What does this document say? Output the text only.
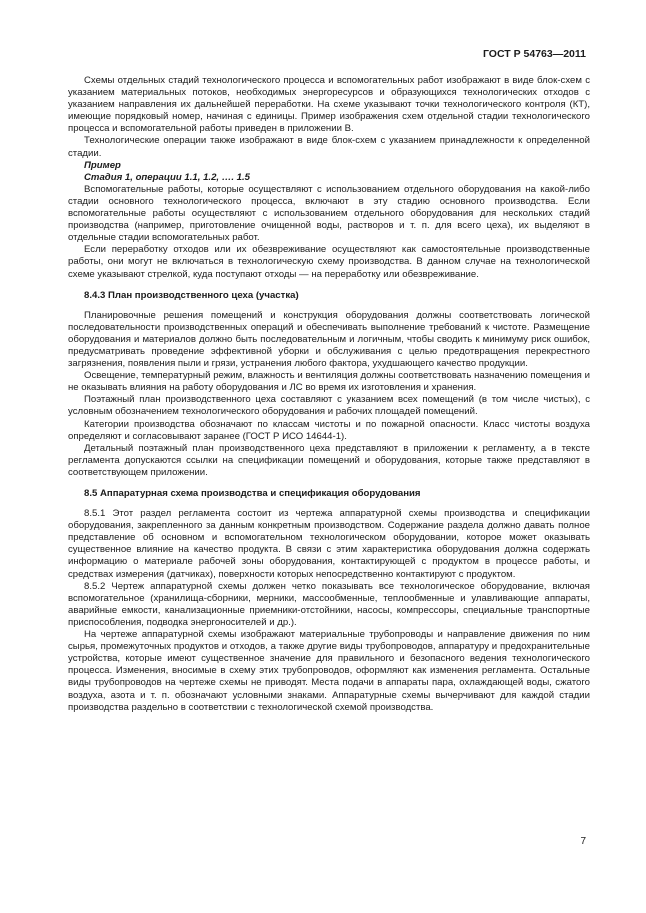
ГОСТ Р 54763—2011

Схемы отдельных стадий технологического процесса и вспомогательных работ изображают в виде блок-схем с указанием материальных потоков, необходимых энергоресурсов и образующихся технологических отходов с указанием направления их дальнейшей переработки. На схеме указывают точки технологического контроля (КТ), имеющие порядковый номер, начиная с единицы. Пример изображения схем отдельной стадии технологического процесса и вспомогательной работы приведен в приложении В.

Технологические операции также изображают в виде блок-схем с указанием принадлежности к определенной стадии.

Пример

Стадия 1, операции 1.1, 1.2, …. 1.5

Вспомогательные работы, которые осуществляют с использованием отдельного оборудования на какой-либо стадии основного технологического процесса, включают в эту стадию основного производства. Если вспомогательные работы осуществляют с использованием отдельного оборудования для нескольких стадий производства (например, приготовление очищенной воды, растворов и т. п. для всего цеха), их выделяют в отдельные стадии вспомогательных работ.

Если переработку отходов или их обезвреживание осуществляют как самостоятельные производственные работы, они могут не включаться в технологическую схему производства. В данном случае на технологической схеме указывают стрелкой, куда поступают отходы — на переработку или обезвреживание.

8.4.3 План производственного цеха (участка)

Планировочные решения помещений и конструкция оборудования должны соответствовать логической последовательности производственных операций и обеспечивать выполнение требований к чистоте. Размещение оборудования и материалов должно быть последовательным и логичным, чтобы сводить к минимуму риск ошибок, предусматривать проведение эффективной уборки и обслуживания с целью предотвращения перекрестного загрязнения, появления пыли и грязи, устранения любого фактора, ухудшающего качество продукции.

Освещение, температурный режим, влажность и вентиляция должны соответствовать назначению помещения и не оказывать влияния на работу оборудования и ЛС во время их изготовления и хранения.

Поэтажный план производственного цеха составляют с указанием всех помещений (в том числе чистых), с условным обозначением технологического оборудования и рабочих площадей помещений.

Категории производства обозначают по классам чистоты и по пожарной опасности. Класс чистоты воздуха определяют и согласовывают заранее (ГОСТ Р ИСО 14644-1).

Детальный поэтажный план производственного цеха представляют в приложении к регламенту, а в тексте регламента допускаются ссылки на спецификации помещений и оборудования, которые также представляют в соответствующем приложении.

8.5 Аппаратурная схема производства и спецификация оборудования

8.5.1 Этот раздел регламента состоит из чертежа аппаратурной схемы производства и спецификации оборудования, закрепленного за данным конкретным производством. Содержание раздела должно давать полное представление об основном и вспомогательном технологическом оборудовании, которое может оказывать существенное влияние на качество продукта. В связи с этим характеристика оборудования должна содержать информацию о материале рабочей зоны оборудования, контактирующей с продуктом в процессе работы, и средствах измерения (датчиках), поверхности которых непосредственно контактируют с продуктом.

8.5.2 Чертеж аппаратурной схемы должен четко показывать все технологическое оборудование, включая вспомогательное (хранилища-сборники, мерники, массообменные, теплообменные и улавливающие аппараты, аварийные емкости, канализационные приемники-отстойники, насосы, компрессоры, специальные транспортные приспособления, подводка энергоносителей и др.).

На чертеже аппаратурной схемы изображают материальные трубопроводы и направление движения по ним сырья, промежуточных продуктов и отходов, а также другие виды трубопроводов, аппаратуру и предохранительные устройства, которые имеют существенное значение для правильного и безопасного ведения технологического процесса. Изменения, вносимые в схему этих трубопроводов, оформляют как изменения регламента. Остальные виды трубопроводов на чертеже схемы не приводят. Места подачи в аппараты пара, охлаждающей воды, сжатого воздуха, азота и т. п. обозначают условными знаками. Аппаратурные схемы вычерчивают для каждой стадии производства раздельно в соответствии с технологической схемой производства.

7
